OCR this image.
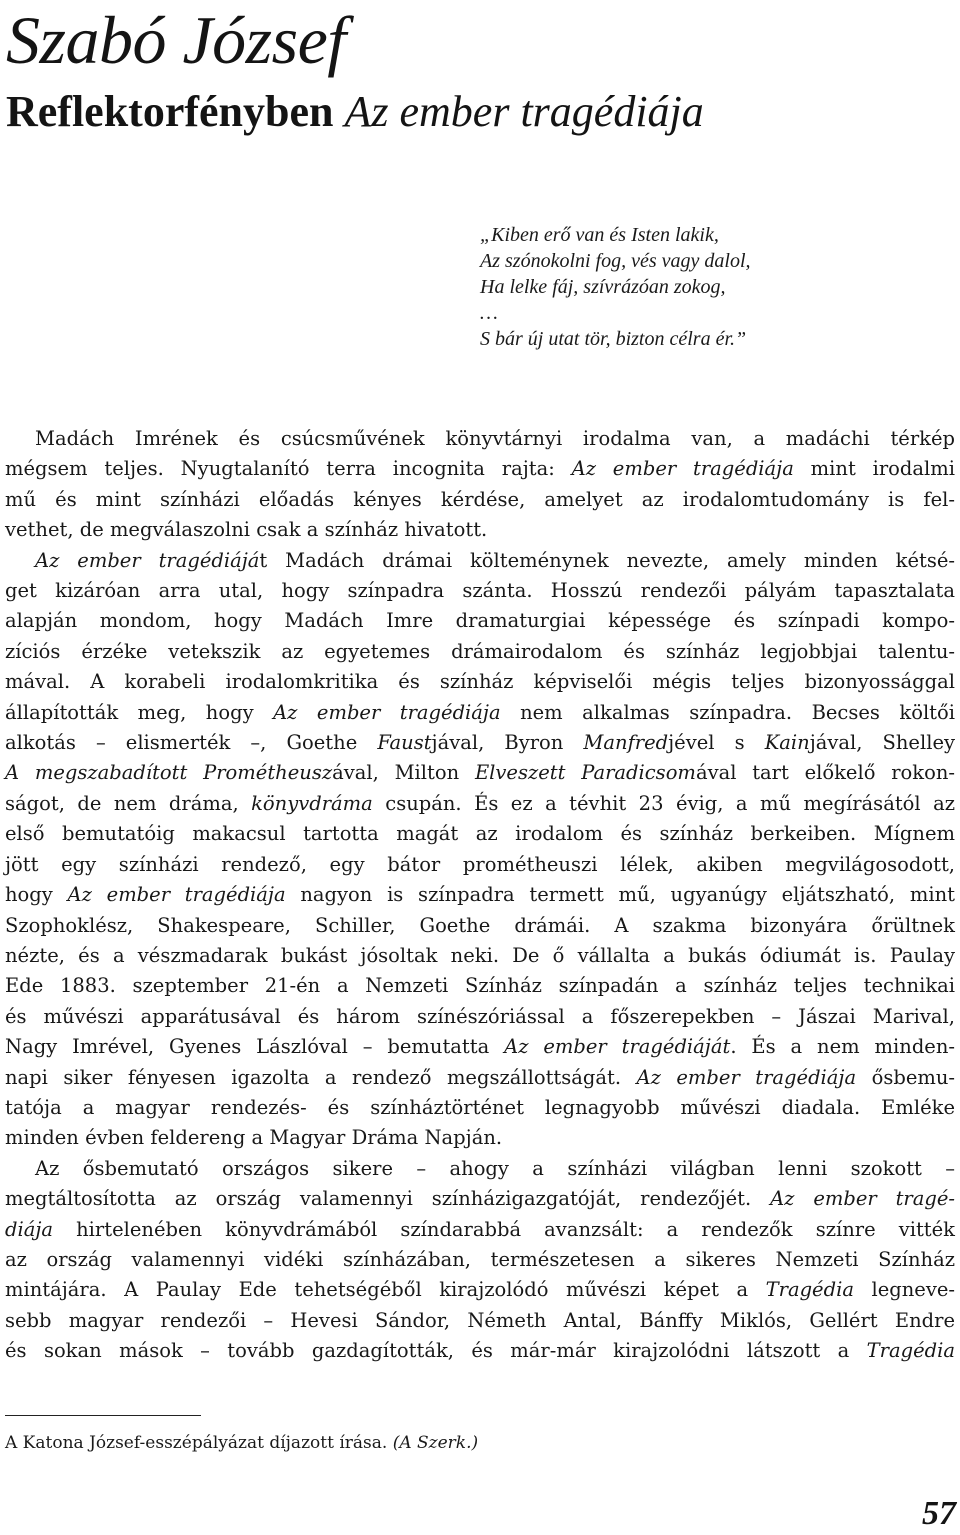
Szabó József
Reflektorfényben Az ember tragédiája
„Kiben erő van és Isten lakik,
Az szónokolni fog, vés vagy dalol,
Ha lelke fáj, szívrázóan zokog,
…
S bár új utat tör, bizton célra ér.”
Madách Imrének és csúcsművének könyvtárnyi irodalma van, a madáchi térkép
mégsem teljes. Nyugtalanító terra incognita rajta: Az ember tragédiája mint irodalmi
mű és mint színházi előadás kényes kérdése, amelyet az irodalomtudomány is fel-
vethet, de megválaszolni csak a színház hivatott.
Az ember tragédiáját Madách drámai költeménynek nevezte, amely minden kétsé-
get kizáróan arra utal, hogy színpadra szánta. Hosszú rendezői pályám tapasztalata
alapján mondom, hogy Madách Imre dramaturgiai képessége és színpadi kompo-
zíciós érzéke vetekszik az egyetemes drámairodalom és színház legjobbjai talentu-
mával. A korabeli irodalomkritika és színház képviselői mégis teljes bizonyossággal
állapították meg, hogy Az ember tragédiája nem alkalmas színpadra. Becses költői
alkotás – elismerték –, Goethe Faustjával, Byron Manfredjével s Kainjával, Shelley
A megszabadított Prométheuszával, Milton Elveszett Paradicsomával tart előkelő rokon-
ságot, de nem dráma, könyvdráma csupán. És ez a tévhit 23 évig, a mű megírásától az
első bemutatóig makacsul tartotta magát az irodalom és színház berkeiben. Mígnem
jött egy színházi rendező, egy bátor prométheuszi lélek, akiben megvilágosodott,
hogy Az ember tragédiája nagyon is színpadra termett mű, ugyanúgy eljátszható, mint
Szophoklész, Shakespeare, Schiller, Goethe drámái. A szakma bizonyára őrültnek
nézte, és a vészmadarak bukást jósoltak neki. De ő vállalta a bukás ódiumát is. Paulay
Ede 1883. szeptember 21-én a Nemzeti Színház színpadán a színház teljes technikai
és művészi apparátusával és három színészóriással a főszerepekben – Jászai Marival,
Nagy Imrével, Gyenes Lászlóval – bemutatta Az ember tragédiáját. És a nem minden-
napi siker fényesen igazolta a rendező megszállottságát. Az ember tragédiája ősbemu-
tatója a magyar rendezés- és színháztörténet legnagyobb művészi diadala. Emléke
minden évben feldereng a Magyar Dráma Napján.
Az ősbemutató országos sikere – ahogy a színházi világban lenni szokott –
megtáltosította az ország valamennyi színházigazgatóját, rendezőjét. Az ember tragé-
diája hirtelenében könyvdrámából színdarabbá avanzsált: a rendezők színre vitték
az ország valamennyi vidéki színházában, természetesen a sikeres Nemzeti Színház
mintájára. A Paulay Ede tehetségéből kirajzolódó művészi képet a Tragédia legneve-
sebb magyar rendezői – Hevesi Sándor, Németh Antal, Bánffy Miklós, Gellért Endre
és sokan mások – tovább gazdagították, és már-már kirajzolódni látszott a Tragédia
A Katona József-esszépályázat díjazott írása. (A Szerk.)
57
